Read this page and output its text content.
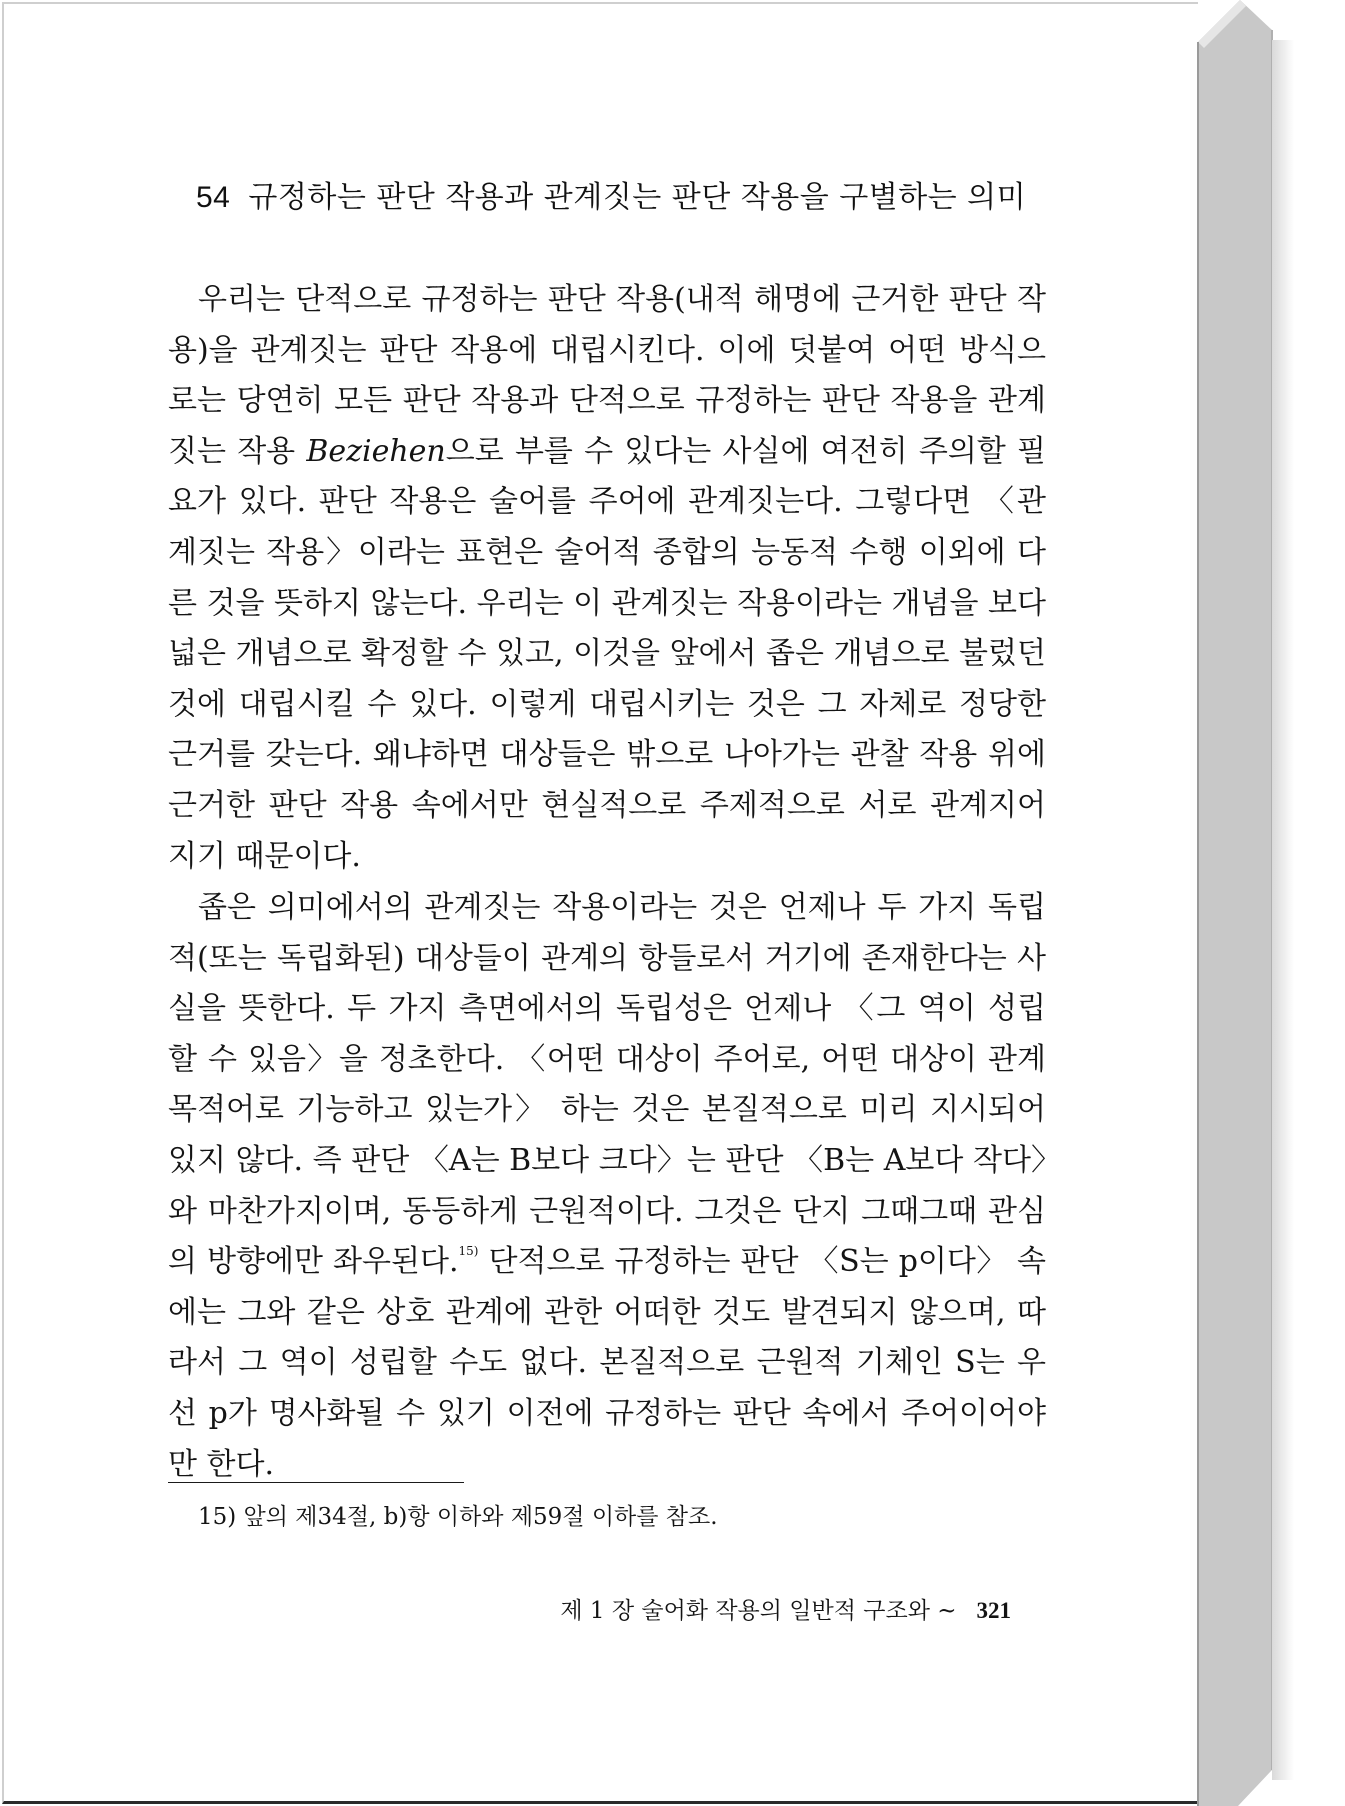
54 규정하는 판단 작용과 관계짓는 판단 작용을 구별하는 의미
우리는 단적으로 규정하는 판단 작용(내적 해명에 근거한 판단 작용)을 관계짓는 판단 작용에 대립시킨다. 이에 덧붙여 어떤 방식으로는 당연히 모든 판단 작용과 단적으로 규정하는 판단 작용을 관계짓는 작용 Beziehen으로 부를 수 있다는 사실에 여전히 주의할 필요가 있다. 판단 작용은 술어를 주어에 관계짓는다. 그렇다면 〈관계짓는 작용〉이라는 표현은 술어적 종합의 능동적 수행 이외에 다른 것을 뜻하지 않는다. 우리는 이 관계짓는 작용이라는 개념을 보다 넓은 개념으로 확정할 수 있고, 이것을 앞에서 좁은 개념으로 불렀던 것에 대립시킬 수 있다. 이렇게 대립시키는 것은 그 자체로 정당한 근거를 갖는다. 왜냐하면 대상들은 밖으로 나아가는 관찰 작용 위에 근거한 판단 작용 속에서만 현실적으로 주제적으로 서로 관계지어지기 때문이다.
좁은 의미에서의 관계짓는 작용이라는 것은 언제나 두 가지 독립적(또는 독립화된) 대상들이 관계의 항들로서 거기에 존재한다는 사실을 뜻한다. 두 가지 측면에서의 독립성은 언제나 〈그 역이 성립할 수 있음〉을 정초한다. 〈어떤 대상이 주어로, 어떤 대상이 관계 목적어로 기능하고 있는가〉 하는 것은 본질적으로 미리 지시되어 있지 않다. 즉 판단 〈A는 B보다 크다〉는 판단 〈B는 A보다 작다〉와 마찬가지이며, 동등하게 근원적이다. 그것은 단지 그때그때 관심의 방향에만 좌우된다.$^{15)}$ 단적으로 규정하는 판단 〈S는 p이다〉 속에는 그와 같은 상호 관계에 관한 어떠한 것도 발견되지 않으며, 따라서 그 역이 성립할 수도 없다. 본질적으로 근원적 기체인 S는 우선 p가 명사화될 수 있기 이전에 규정하는 판단 속에서 주어이어야만 한다.
15) 앞의 제34절, b)항 이하와 제59절 이하를 참조.
제 1 장 술어화 작용의 일반적 구조와 ~ 321
